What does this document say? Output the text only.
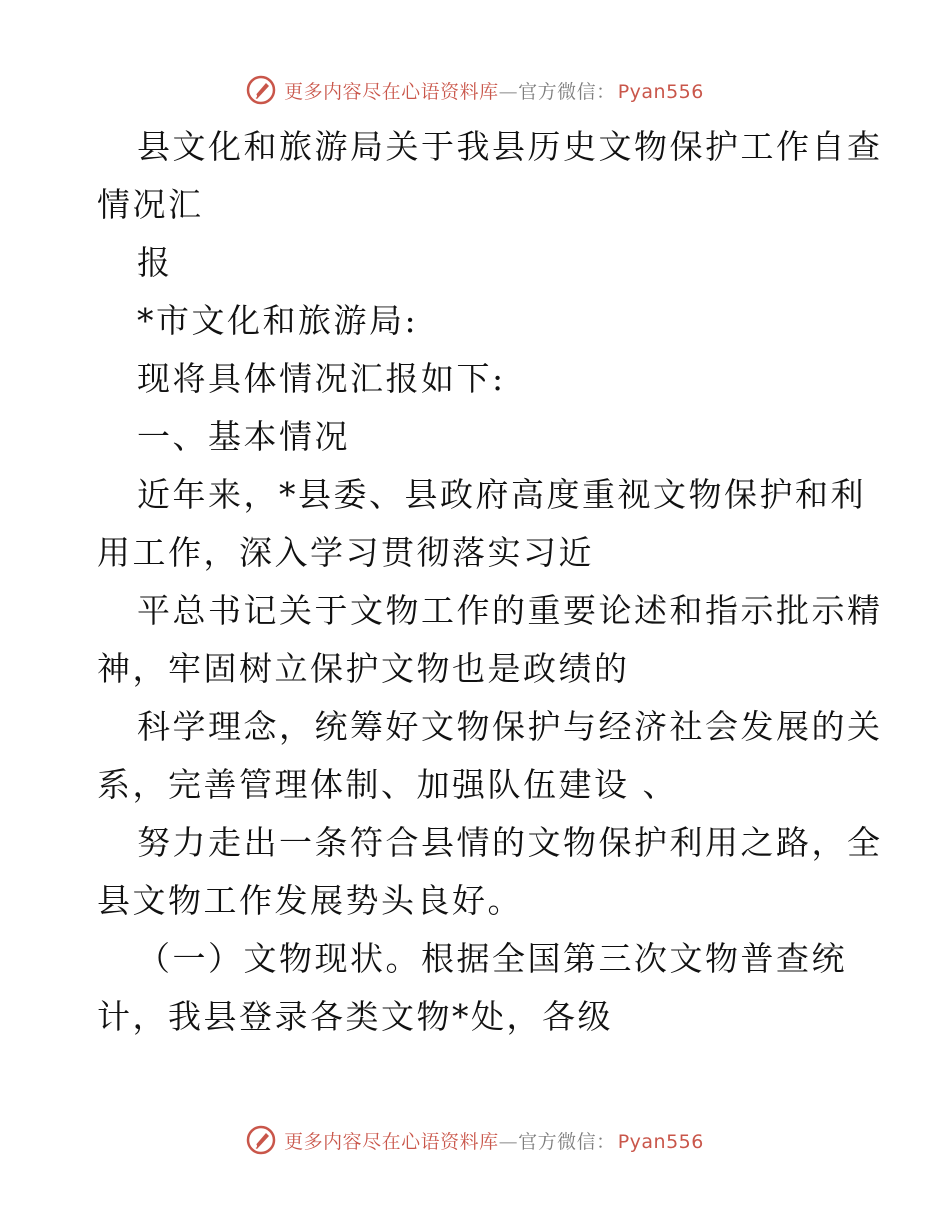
更多内容尽在心语资料库—官方微信： Pyan556
县文化和旅游局关于我县历史文物保护工作自查
情况汇
报
*市文化和旅游局:
现将具体情况汇报如下:
一、基本情况
近年来，*县委、县政府高度重视文物保护和利
用工作，深入学习贯彻落实习近
平总书记关于文物工作的重要论述和指示批示精
神，牢固树立保护文物也是政绩的
科学理念，统筹好文物保护与经济社会发展的关
系，完善管理体制、加强队伍建设 、
努力走出一条符合县情的文物保护利用之路，全
县文物工作发展势头良好。
（一）文物现状。根据全国第三次文物普查统
计，我县登录各类文物*处，各级
更多内容尽在心语资料库—官方微信： Pyan556
